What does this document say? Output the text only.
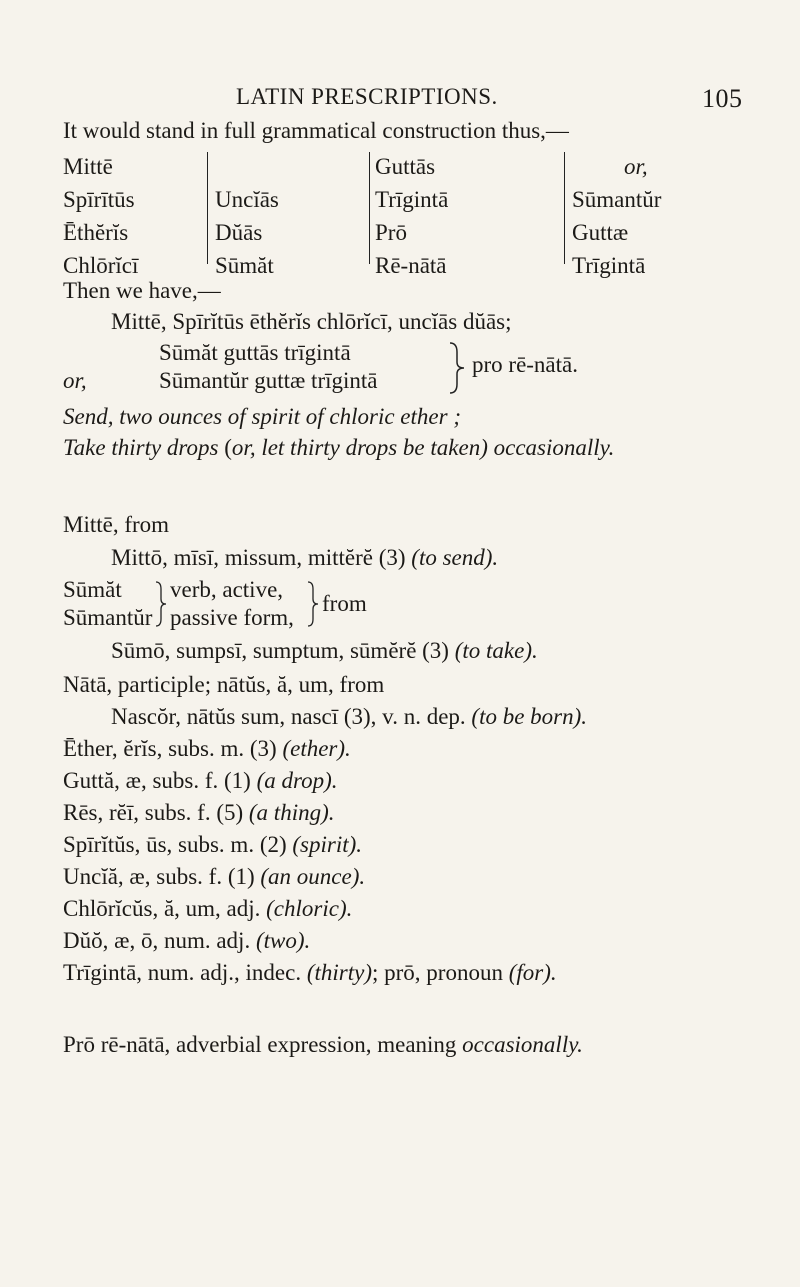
LATIN PRESCRIPTIONS.	105
It would stand in full grammatical construction thus,—
Mittē
Spīrītūs
Ēthĕrĭs
Chlōrĭcī

Uncĭās
Dŭās
Sūmăt
Guttās
Trīgintā
Prō
Rē-nātā
or,
Sūmantŭr
Guttæ
Trīgintā
Then we have,—
Mittē, Spīrĭtūs ēthĕrĭs chlōrĭcī, uncĭās dŭās;
Sūmăt guttās trīgintā
or,	Sūmantŭr guttæ trīgintā
pro rē-nātā.
Send, two ounces of spirit of chloric ether ;
Take thirty drops (or, let thirty drops be taken) occasionally.
Mittē, from
Mittō, mīsī, missum, mittĕrĕ (3) (to send).
Sūmăt
Sūmantŭr
verb, active,
passive form,
from
Sūmō, sumpsī, sumptum, sūmĕrĕ (3) (to take).
Nātā, participle; nātŭs, ă, um, from
Nascŏr, nātŭs sum, nascī (3), v. n. dep. (to be born).
Ēther, ĕrĭs, subs. m. (3) (ether).
Guttă, æ, subs. f. (1) (a drop).
Rēs, rĕī, subs. f. (5) (a thing).
Spīrĭtŭs, ūs, subs. m. (2) (spirit).
Uncĭă, æ, subs. f. (1) (an ounce).
Chlōrĭcŭs, ă, um, adj. (chloric).
Dŭŏ, æ, ō, num. adj. (two).
Trīgintā, num. adj., indec. (thirty); prō, pronoun (for).
Prō rē-nātā, adverbial expression, meaning occasionally.
